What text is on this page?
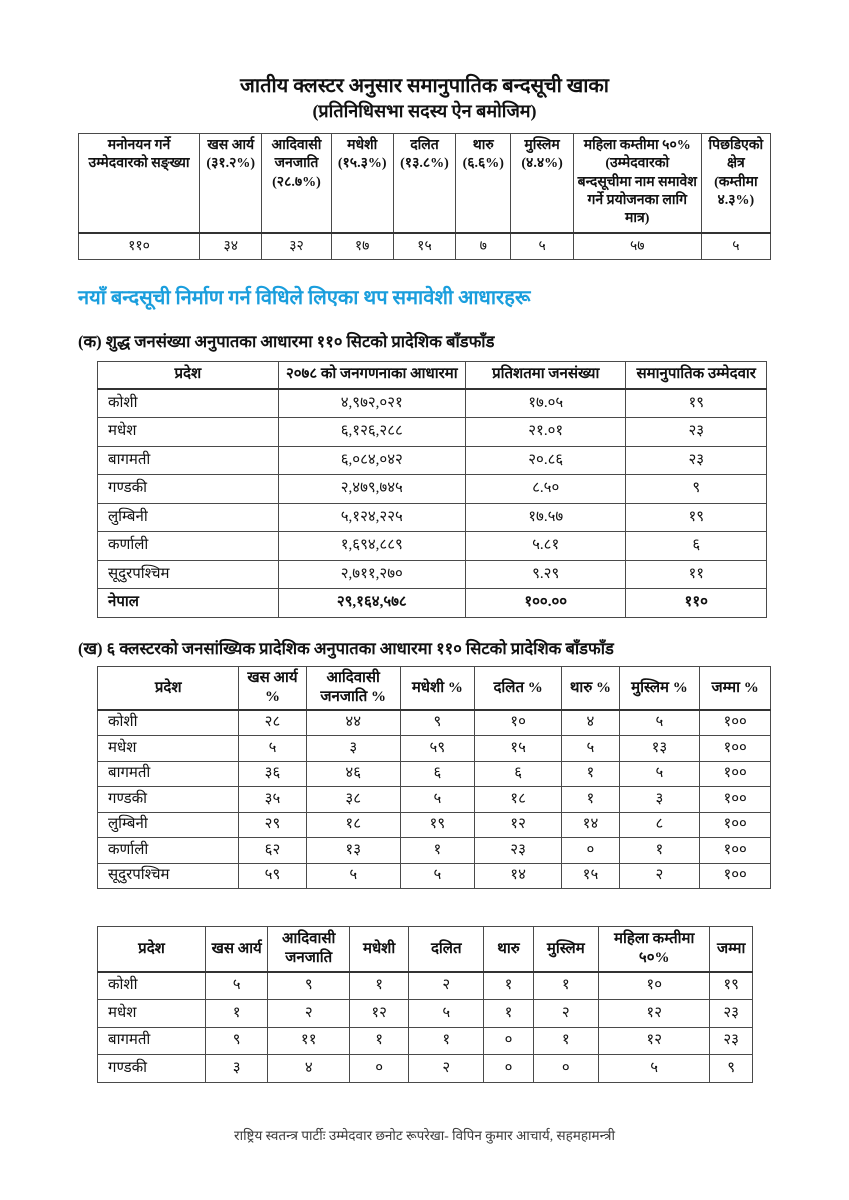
जातीय क्लस्टर अनुसार समानुपातिक बन्दसूची खाका
(प्रतिनिधिसभा सदस्य ऐन बमोजिम)
मनोनयन गर्ने उम्मेदवारको सङ्ख्या	खस आर्य (३१.२%)	आदिवासी जनजाति (२८.७%)	मधेशी (१५.३%)	दलित (१३.८%)	थारु (६.६%)	मुस्लिम (४.४%)	महिला कम्तीमा ५०% (उम्मेदवारको बन्दसूचीमा नाम समावेश गर्ने प्रयोजनका लागि मात्र)	पिछडिएको क्षेत्र (कम्तीमा ४.३%)
११०	३४	३२	१७	१५	७	५	५७	५
नयाँ बन्दसूची निर्माण गर्न विधिले लिएका थप समावेशी आधारहरू
(क) शुद्ध जनसंख्या अनुपातका आधारमा ११० सिटको प्रादेशिक बाँडफाँड
प्रदेश	२०७८ को जनगणनाका आधारमा	प्रतिशतमा जनसंख्या	समानुपातिक उम्मेदवार
कोशी	४,९७२,०२१	१७.०५	१९
मधेश	६,१२६,२८८	२१.०१	२३
बागमती	६,०८४,०४२	२०.८६	२३
गण्डकी	२,४७९,७४५	८.५०	९
लुम्बिनी	५,१२४,२२५	१७.५७	१९
कर्णाली	१,६९४,८८९	५.८१	६
सूदुरपश्चिम	२,७११,२७०	९.२९	११
नेपाल	२९,१६४,५७८	१००.००	११०
(ख) ६ क्लस्टरको जनसांख्यिक प्रादेशिक अनुपातका आधारमा ११० सिटको प्रादेशिक बाँडफाँड
प्रदेश	खस आर्य %	आदिवासी जनजाति %	मधेशी %	दलित %	थारु %	मुस्लिम %	जम्मा %
कोशी	२८	४४	९	१०	४	५	१००
मधेश	५	३	५९	१५	५	१३	१००
बागमती	३६	४६	६	६	१	५	१००
गण्डकी	३५	३८	५	१८	१	३	१००
लुम्बिनी	२९	१८	१९	१२	१४	८	१००
कर्णाली	६२	१३	१	२३	०	१	१००
सूदुरपश्चिम	५९	५	५	१४	१५	२	१००
प्रदेश	खस आर्य	आदिवासी जनजाति	मधेशी	दलित	थारु	मुस्लिम	महिला कम्तीमा ५०%	जम्मा
कोशी	५	९	१	२	१	१	१०	१९
मधेश	१	२	१२	५	१	२	१२	२३
बागमती	९	११	१	१	०	१	१२	२३
गण्डकी	३	४	०	२	०	०	५	९
राष्ट्रिय स्वतन्त्र पार्टीः उम्मेदवार छनोट रूपरेखा- विपिन कुमार आचार्य, सहमहामन्त्री
